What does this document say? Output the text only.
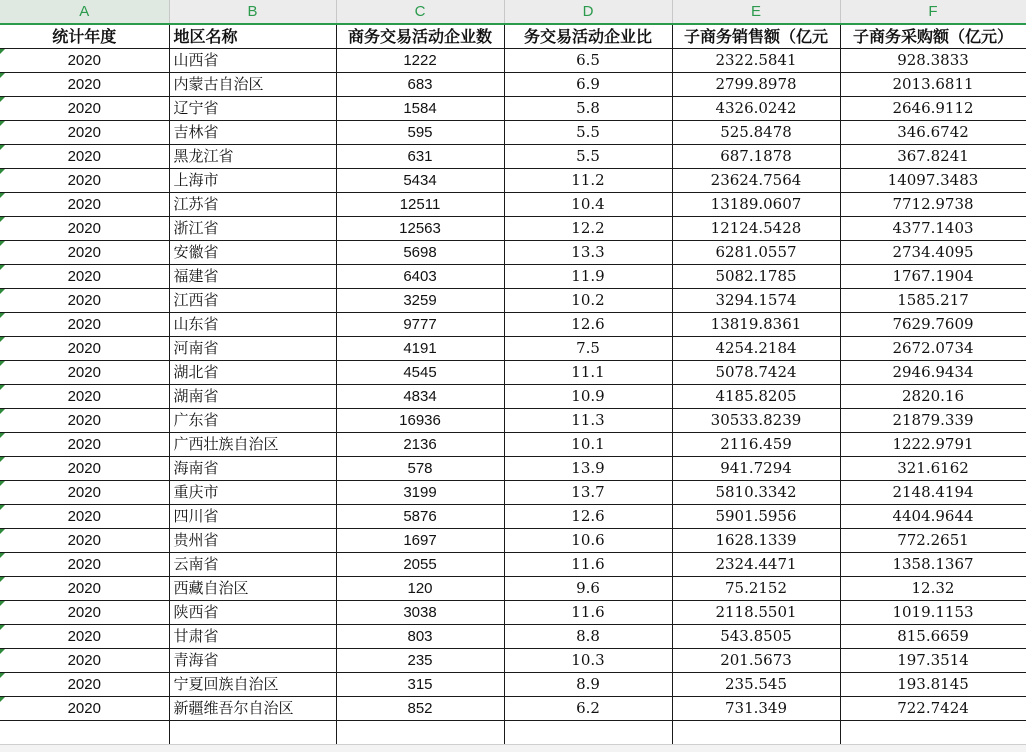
A	B	C	D	E	F
统计年度	地区名称	商务交易活动企业数	务交易活动企业比	子商务销售额（亿元	子商务采购额（亿元）
2020	山西省	1222	6.5	2322.5841	928.3833
2020	内蒙古自治区	683	6.9	2799.8978	2013.6811
2020	辽宁省	1584	5.8	4326.0242	2646.9112
2020	吉林省	595	5.5	525.8478	346.6742
2020	黑龙江省	631	5.5	687.1878	367.8241
2020	上海市	5434	11.2	23624.7564	14097.3483
2020	江苏省	12511	10.4	13189.0607	7712.9738
2020	浙江省	12563	12.2	12124.5428	4377.1403
2020	安徽省	5698	13.3	6281.0557	2734.4095
2020	福建省	6403	11.9	5082.1785	1767.1904
2020	江西省	3259	10.2	3294.1574	1585.217
2020	山东省	9777	12.6	13819.8361	7629.7609
2020	河南省	4191	7.5	4254.2184	2672.0734
2020	湖北省	4545	11.1	5078.7424	2946.9434
2020	湖南省	4834	10.9	4185.8205	2820.16
2020	广东省	16936	11.3	30533.8239	21879.339
2020	广西壮族自治区	2136	10.1	2116.459	1222.9791
2020	海南省	578	13.9	941.7294	321.6162
2020	重庆市	3199	13.7	5810.3342	2148.4194
2020	四川省	5876	12.6	5901.5956	4404.9644
2020	贵州省	1697	10.6	1628.1339	772.2651
2020	云南省	2055	11.6	2324.4471	1358.1367
2020	西藏自治区	120	9.6	75.2152	12.32
2020	陕西省	3038	11.6	2118.5501	1019.1153
2020	甘肃省	803	8.8	543.8505	815.6659
2020	青海省	235	10.3	201.5673	197.3514
2020	宁夏回族自治区	315	8.9	235.545	193.8145
2020	新疆维吾尔自治区	852	6.2	731.349	722.7424
